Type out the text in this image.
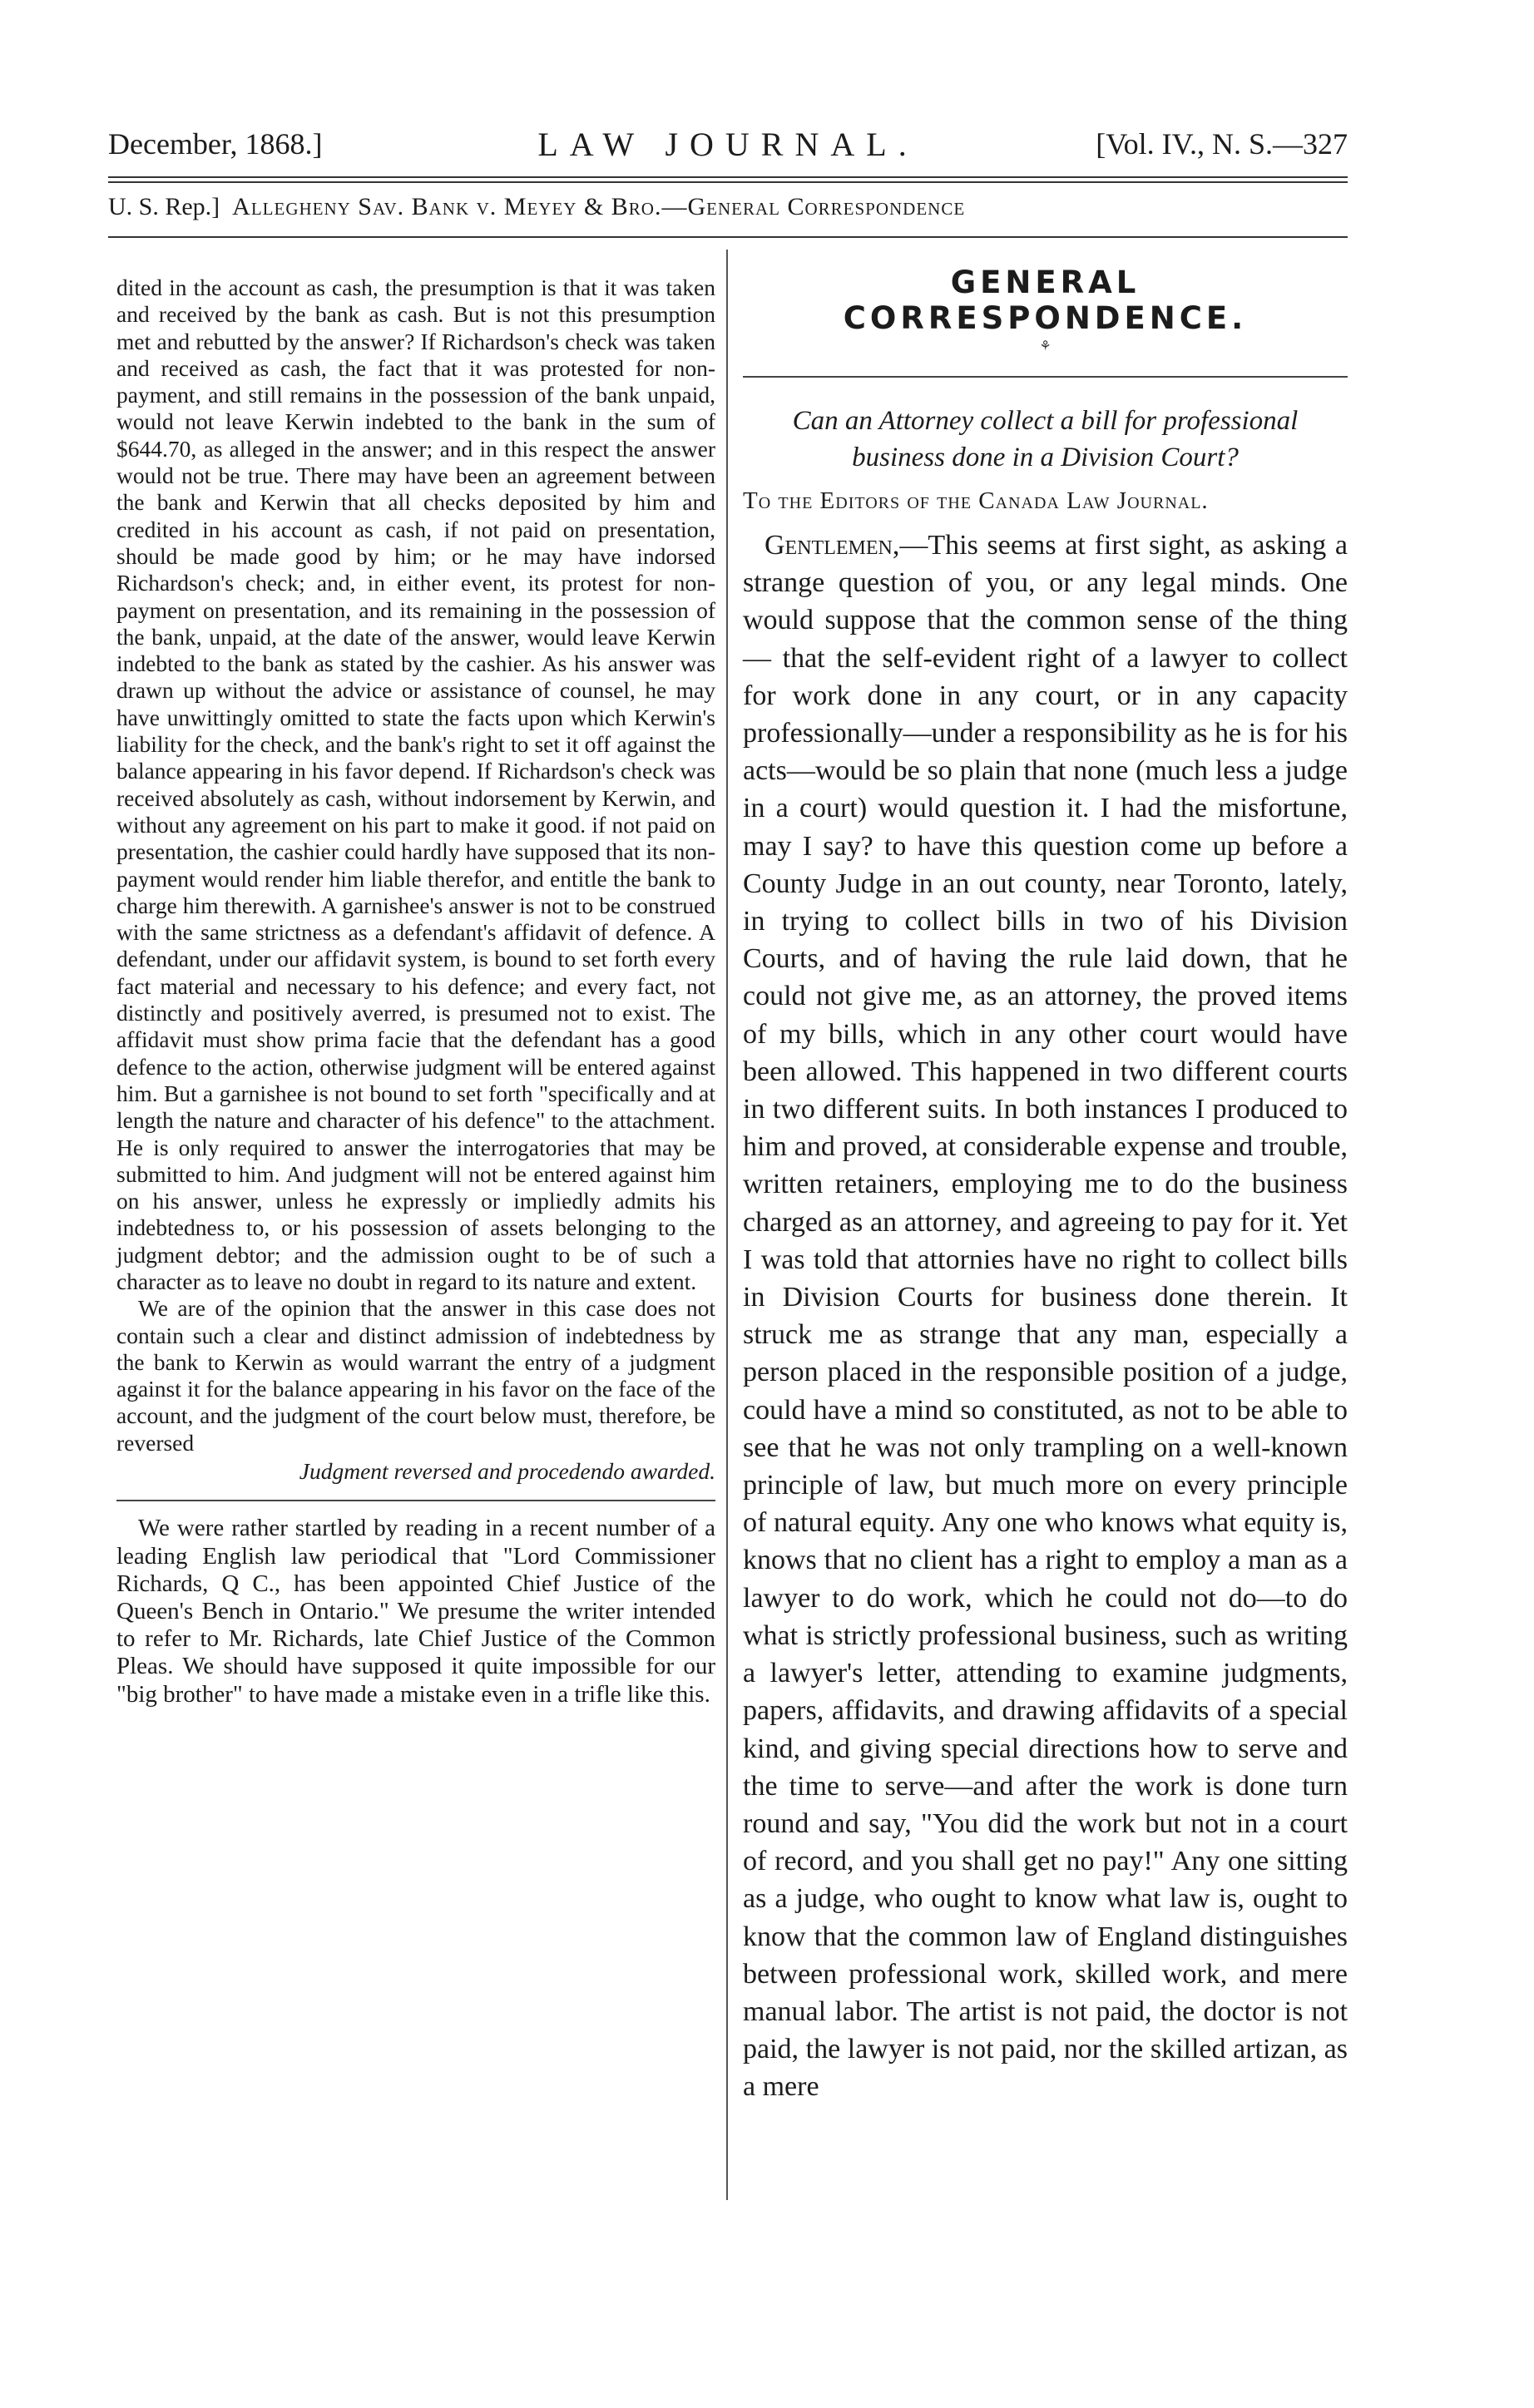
December, 1868.]	LAW JOURNAL.	[Vol. IV., N. S.—327
U. S. Rep.] Allegheny Sav. Bank v. Meyey & Bro.—General Correspondence

dited in the account as cash, the presumption is that it was taken and received by the bank as cash. But is not this presumption met and rebutted by the answer? If Richardson's check was taken and received as cash, the fact that it was protested for non-payment, and still remains in the possession of the bank unpaid, would not leave Kerwin indebted to the bank in the sum of $644.70, as alleged in the answer; and in this respect the answer would not be true. There may have been an agreement between the bank and Kerwin that all checks deposited by him and credited in his account as cash, if not paid on presentation, should be made good by him; or he may have indorsed Richardson's check; and, in either event, its protest for non-payment on presentation, and its remaining in the possession of the bank, unpaid, at the date of the answer, would leave Kerwin indebted to the bank as stated by the cashier. As his answer was drawn up without the advice or assistance of counsel, he may have unwittingly omitted to state the facts upon which Kerwin's liability for the check, and the bank's right to set it off against the balance appearing in his favor depend. If Richardson's check was received absolutely as cash, without indorsement by Kerwin, and without any agreement on his part to make it good. if not paid on presentation, the cashier could hardly have supposed that its non-payment would render him liable therefor, and entitle the bank to charge him therewith. A garnishee's answer is not to be construed with the same strictness as a defendant's affidavit of defence. A defendant, under our affidavit system, is bound to set forth every fact material and necessary to his defence; and every fact, not distinctly and positively averred, is presumed not to exist. The affidavit must show prima facie that the defendant has a good defence to the action, otherwise judgment will be entered against him. But a garnishee is not bound to set forth "specifically and at length the nature and character of his defence" to the attachment. He is only required to answer the interrogatories that may be submitted to him. And judgment will not be entered against him on his answer, unless he expressly or impliedly admits his indebtedness to, or his possession of assets belonging to the judgment debtor; and the admission ought to be of such a character as to leave no doubt in regard to its nature and extent.

We are of the opinion that the answer in this case does not contain such a clear and distinct admission of indebtedness by the bank to Kerwin as would warrant the entry of a judgment against it for the balance appearing in his favor on the face of the account, and the judgment of the court below must, therefore, be reversed

Judgment reversed and procedendo awarded.

We were rather startled by reading in a recent number of a leading English law periodical that "Lord Commissioner Richards, Q C., has been appointed Chief Justice of the Queen's Bench in Ontario." We presume the writer intended to refer to Mr. Richards, late Chief Justice of the Common Pleas. We should have supposed it quite impossible for our "big brother" to have made a mistake even in a trifle like this.

GENERAL CORRESPONDENCE.
⚘

Can an Attorney collect a bill for professional business done in a Division Court?

To the Editors of the Canada Law Journal.

Gentlemen,—This seems at first sight, as asking a strange question of you, or any legal minds. One would suppose that the common sense of the thing — that the self-evident right of a lawyer to collect for work done in any court, or in any capacity professionally—under a responsibility as he is for his acts—would be so plain that none (much less a judge in a court) would question it. I had the misfortune, may I say? to have this question come up before a County Judge in an out county, near Toronto, lately, in trying to collect bills in two of his Division Courts, and of having the rule laid down, that he could not give me, as an attorney, the proved items of my bills, which in any other court would have been allowed. This happened in two different courts in two different suits. In both instances I produced to him and proved, at considerable expense and trouble, written retainers, employing me to do the business charged as an attorney, and agreeing to pay for it. Yet I was told that attornies have no right to collect bills in Division Courts for business done therein. It struck me as strange that any man, especially a person placed in the responsible position of a judge, could have a mind so constituted, as not to be able to see that he was not only trampling on a well-known principle of law, but much more on every principle of natural equity. Any one who knows what equity is, knows that no client has a right to employ a man as a lawyer to do work, which he could not do—to do what is strictly professional business, such as writing a lawyer's letter, attending to examine judgments, papers, affidavits, and drawing affidavits of a special kind, and giving special directions how to serve and the time to serve—and after the work is done turn round and say, "You did the work but not in a court of record, and you shall get no pay!" Any one sitting as a judge, who ought to know what law is, ought to know that the common law of England distinguishes between professional work, skilled work, and mere manual labor. The artist is not paid, the doctor is not paid, the lawyer is not paid, nor the skilled artizan, as a mere
